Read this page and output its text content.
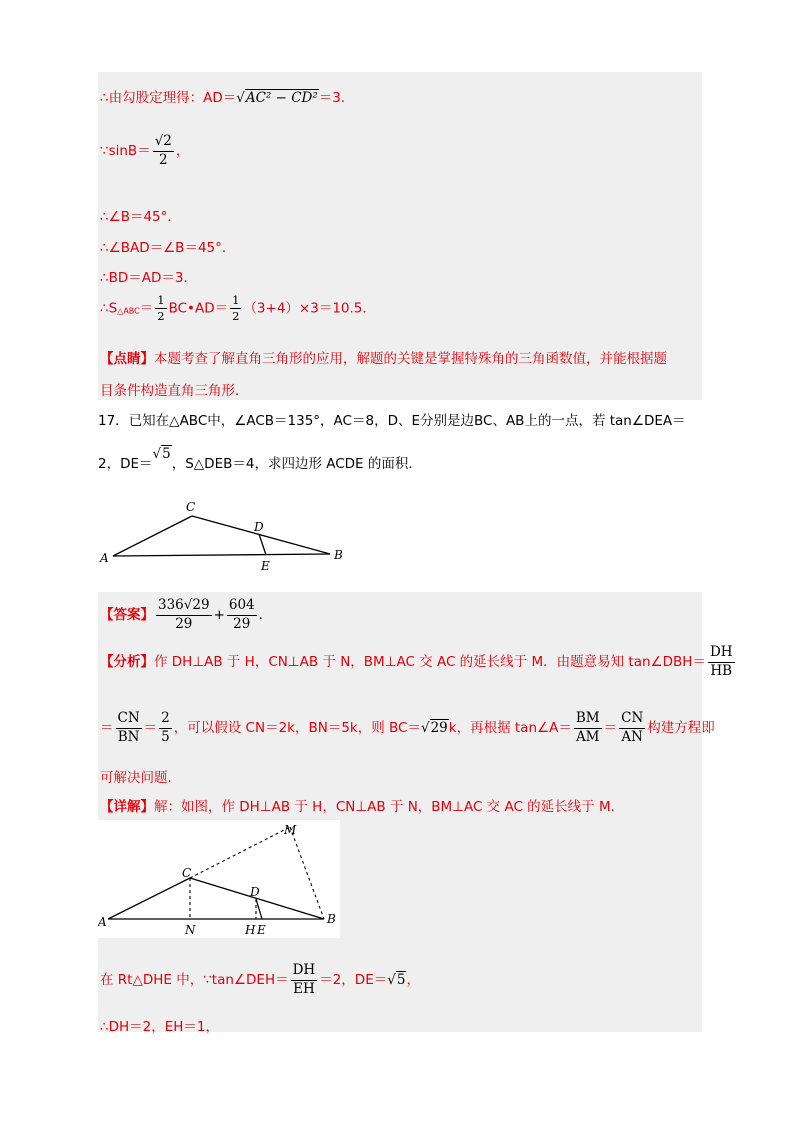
∴由勾股定理得：AD＝√AC² − CD²＝3．
∵sinB＝ $\frac{√2}{2}$ ，
∴∠B＝45°．
∴∠BAD＝∠B＝45°．
∴BD＝AD＝3．
∴S△ABC＝ $\frac{1}{2}$ BC•AD＝ $\frac{1}{2} (3+4)\times 3=10.5$．
【点睛】本题考查了解直角三角形的应用，解题的关键是掌握特殊角的三角函数值，并能根据题
目条件构造直角三角形．
17．已知在△ABC中，∠ACB＝135°，AC＝8，D、E分别是边BC、AB上的一点，若 tan∠DEA＝
2，DE＝√5，S△DEB＝4，求四边形 ACDE 的面积．
A	B
C
D
E
【答案】 $\frac{336√29}{29} + \frac{604}{29}$ ．
【分析】作 DH⊥AB 于 H，CN⊥AB 于 N，BM⊥AC 交 AC 的延长线于 M．由题意易知 tan∠DBH＝ $\frac{DH}{HB}$
＝ $\frac{CN}{BN} = \frac{2}{5}$ ，可以假设 CN＝2k，BN＝5k，则 BC＝√29k，再根据 tan∠A＝ $\frac{BM}{AM} = \frac{CN}{AN}$ 构建方程即
可解决问题．
【详解】解：如图，作 DH⊥AB 于 H，CN⊥AB 于 N，BM⊥AC 交 AC 的延长线于 M．
A	B
C
D
M
N	H E
在 Rt△DHE 中，∵tan∠DEH＝ $\frac{DH}{EH} =2$，DE＝√5，
∴DH＝2，EH＝1，
